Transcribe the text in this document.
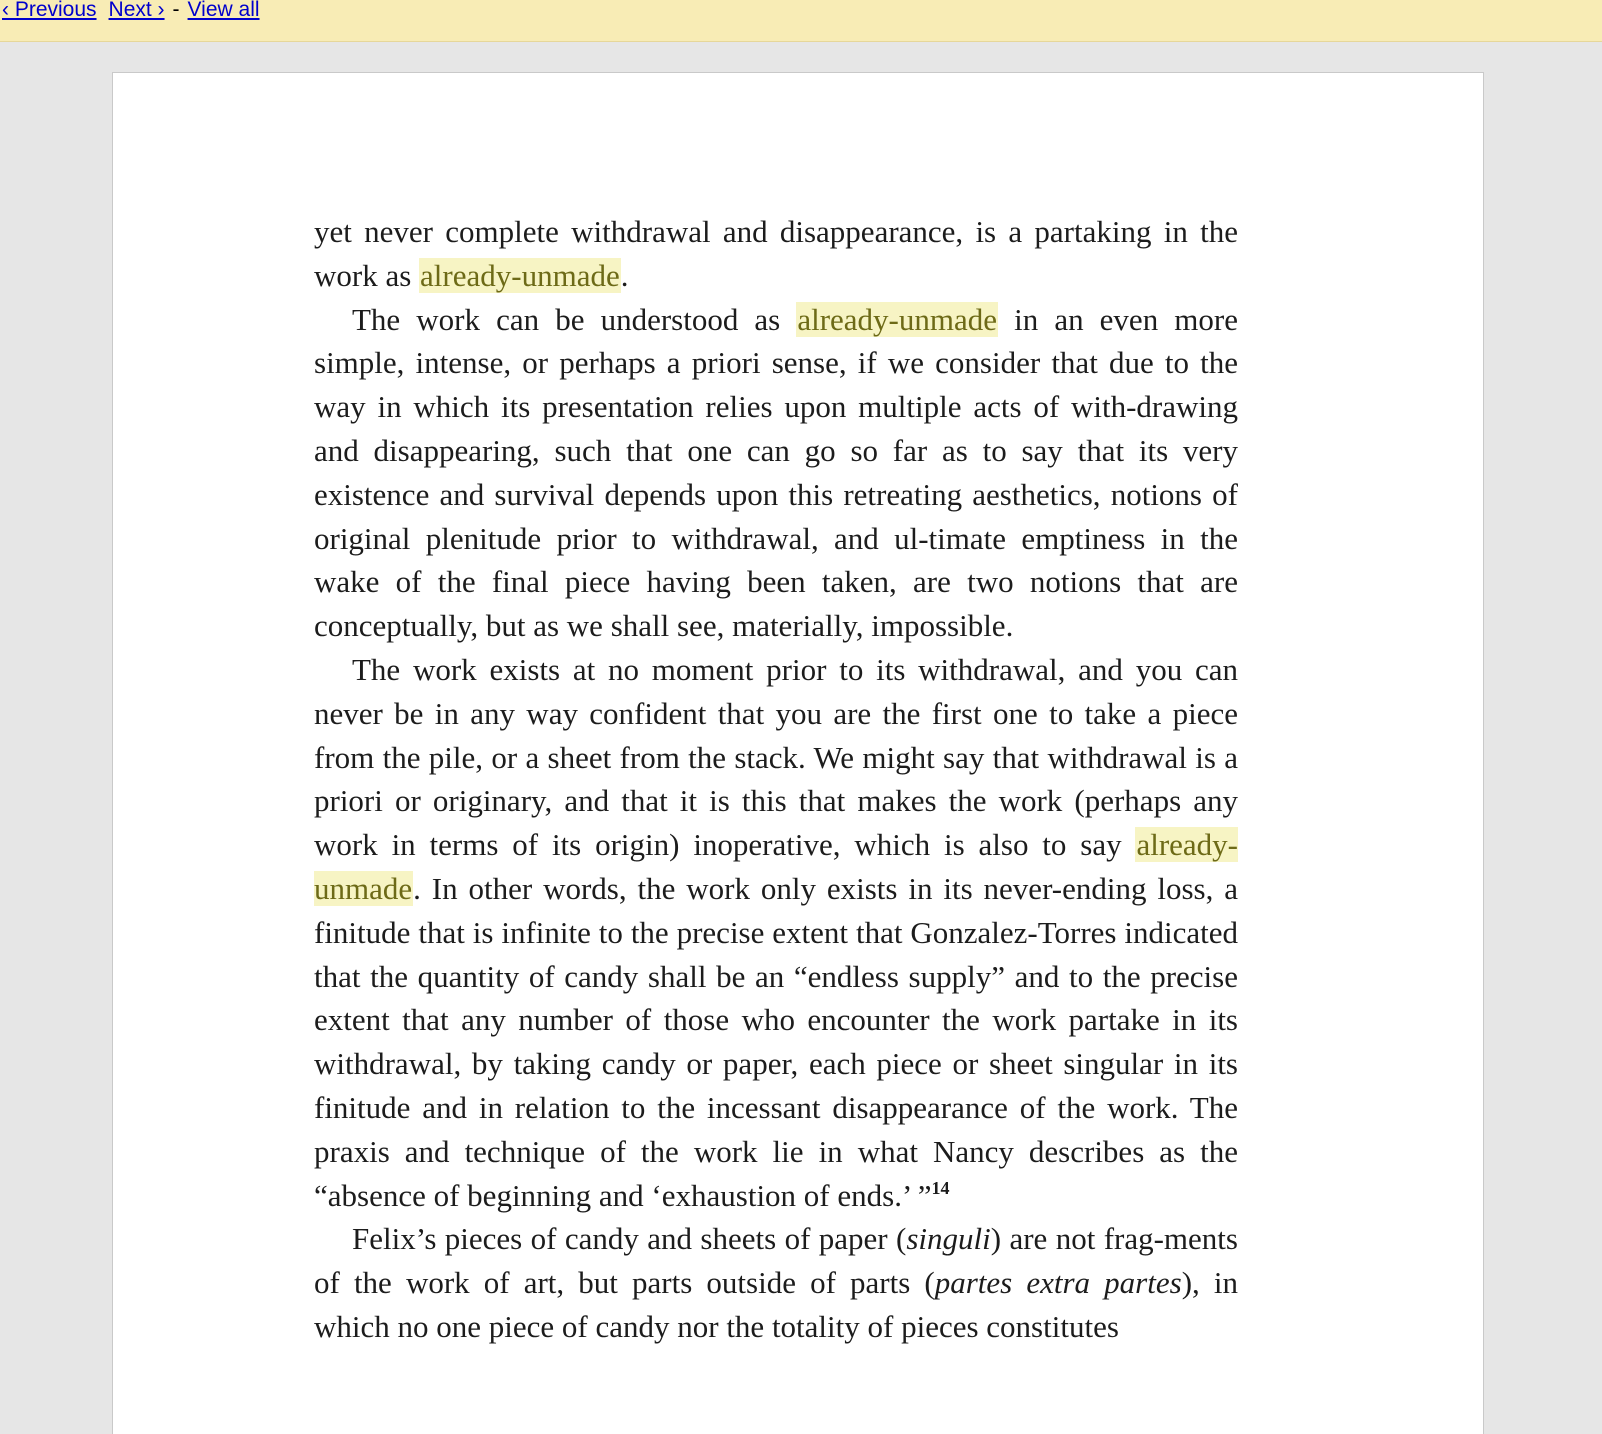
‹ Previous Next › - View all

yet never complete withdrawal and disappearance, is a partaking in the work as already-unmade.

The work can be understood as already-unmade in an even more simple, intense, or perhaps a priori sense, if we consider that due to the way in which its presentation relies upon multiple acts of with-drawing and disappearing, such that one can go so far as to say that its very existence and survival depends upon this retreating aesthetics, notions of original plenitude prior to withdrawal, and ul-timate emptiness in the wake of the final piece having been taken, are two notions that are conceptually, but as we shall see, materially, impossible.

The work exists at no moment prior to its withdrawal, and you can never be in any way confident that you are the first one to take a piece from the pile, or a sheet from the stack. We might say that withdrawal is a priori or originary, and that it is this that makes the work (perhaps any work in terms of its origin) inoperative, which is also to say already-unmade. In other words, the work only exists in its never-ending loss, a finitude that is infinite to the precise extent that Gonzalez-Torres indicated that the quantity of candy shall be an “endless supply” and to the precise extent that any number of those who encounter the work partake in its withdrawal, by taking candy or paper, each piece or sheet singular in its finitude and in relation to the incessant disappearance of the work. The praxis and technique of the work lie in what Nancy describes as the “absence of beginning and ‘exhaustion of ends.’ ”$^{14}$

Felix’s pieces of candy and sheets of paper (singuli) are not frag-ments of the work of art, but parts outside of parts (partes extra partes), in which no one piece of candy nor the totality of pieces constitutes
